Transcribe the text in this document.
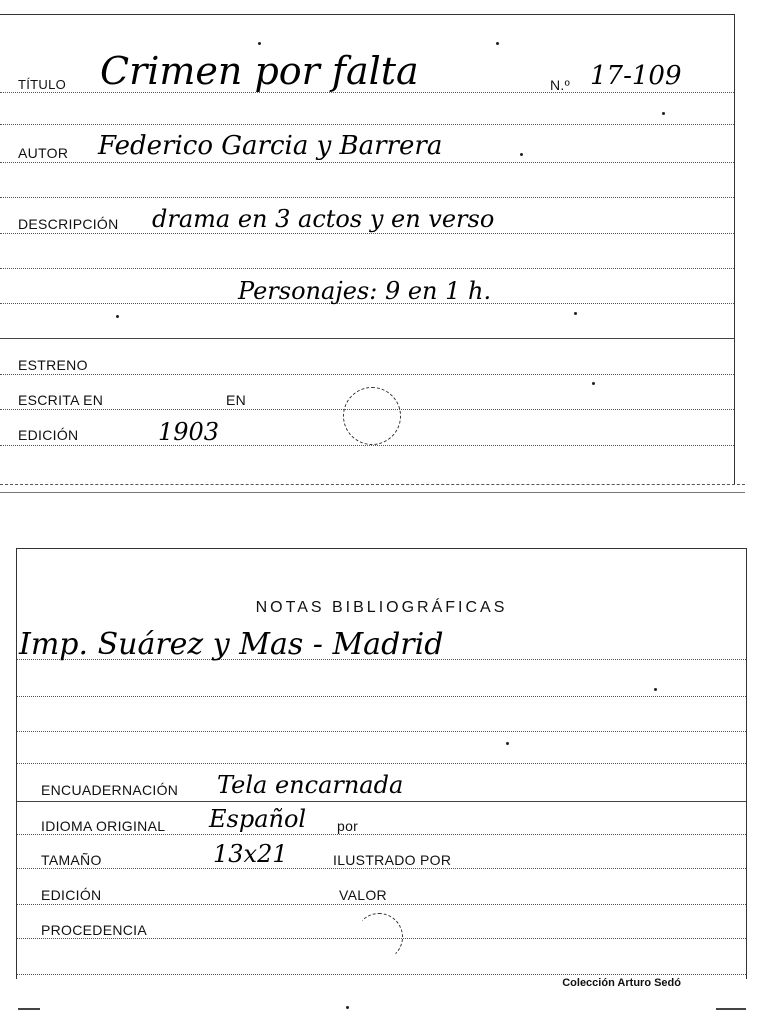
TÍTULO Crimen por falta	N.º 17-109
AUTOR Federico Garcia y Barrera
DESCRIPCIÓN drama en 3 actos y en verso
Personajes: 9 en 1 h.
ESTRENO
ESCRITA EN	EN
EDICIÓN	1903
NOTAS BIBLIOGRÁFICAS
Imp. Suárez y Mas - Madrid
ENCUADERNACIÓN Tela encarnada
IDIOMA ORIGINAL Español por
TAMAÑO	13x21	ILUSTRADO POR
EDICIÓN	VALOR
PROCEDENCIA
Colección Arturo Sedó
